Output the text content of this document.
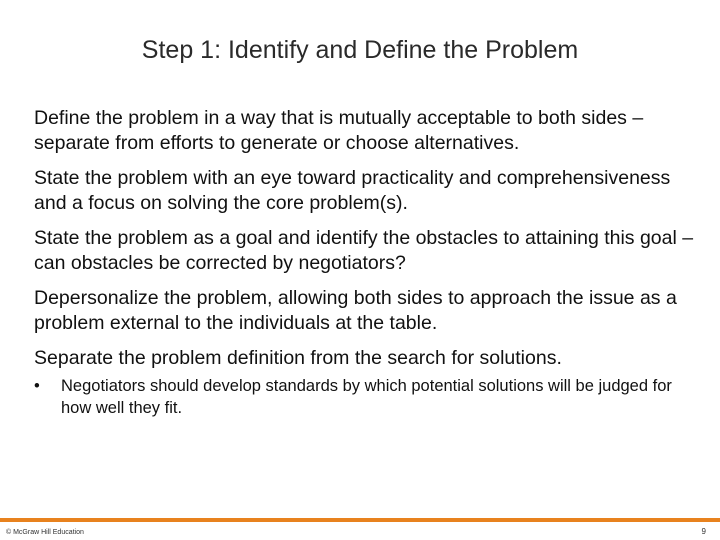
Step 1: Identify and Define the Problem
Define the problem in a way that is mutually acceptable to both sides – separate from efforts to generate or choose alternatives.
State the problem with an eye toward practicality and comprehensiveness and a focus on solving the core problem(s).
State the problem as a goal and identify the obstacles to attaining this goal – can obstacles be corrected by negotiators?
Depersonalize the problem, allowing both sides to approach the issue as a problem external to the individuals at the table.
Separate the problem definition from the search for solutions.
• Negotiators should develop standards by which potential solutions will be judged for how well they fit.
© McGraw Hill Education	9
